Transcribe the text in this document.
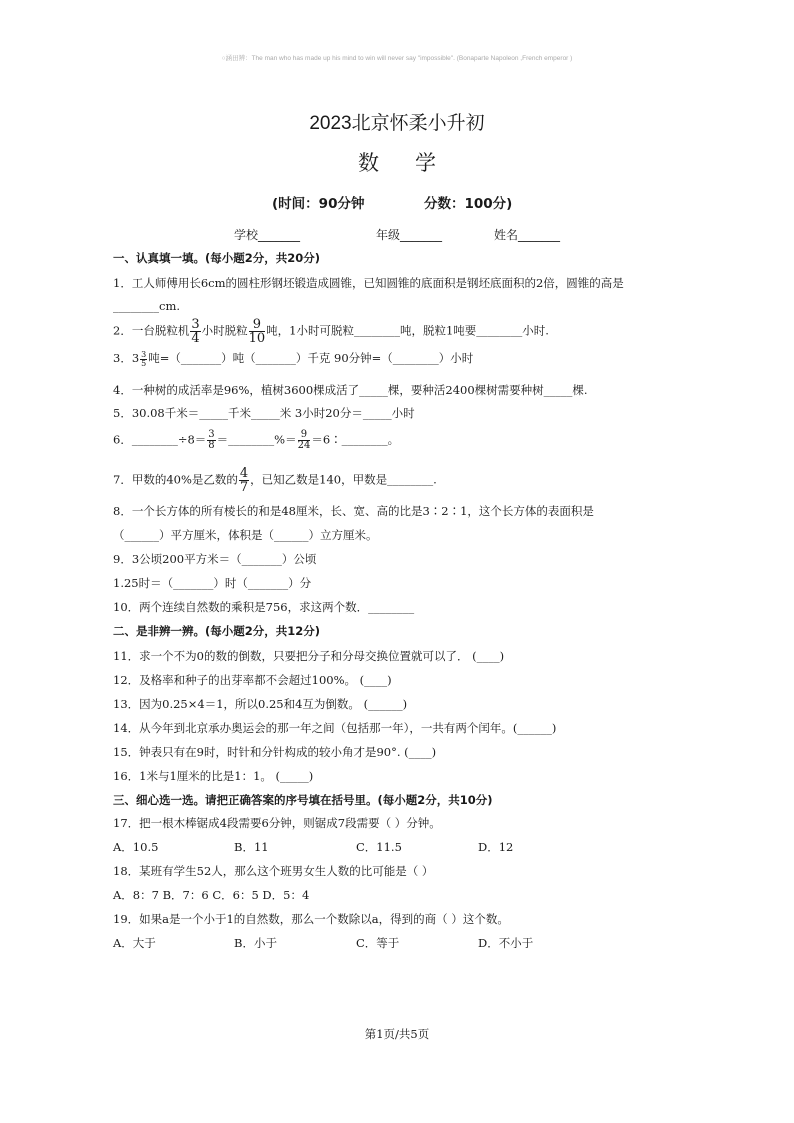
○涵田辨：The man who has made up his mind to win will never say "impossible". (Bonaparte Napoleon ,French emperor )
2023北京怀柔小升初
数学
(时间：90分钟	分数：100分)
学校_______	年级_______	姓名_______
一、认真填一填。(每小题2分，共20分)
1．工人师傅用长6cm的圆柱形钢坯锻造成圆锥，已知圆锥的底面积是钢坯底面积的2倍，圆锥的高是
________cm.
2．一台脱粒机 $\frac{3}{4}$ 小时脱粒 $\frac{9}{10}$ 吨，1小时可脱粒________吨，脱粒1吨要________小时.
3．$3 \frac{3}{5}$ 吨=（_______）吨（_______）千克 90分钟=（________）小时
4．一种树的成活率是96%，植树3600棵成活了_____棵，要种活2400棵树需要种树_____棵.
5．30.08千米＝_____千米_____米 3小时20分＝_____小时
6．________÷8＝ $\frac{3}{8}$ ＝________%＝ $\frac{9}{24}$ ＝6∶________。
7．甲数的40%是乙数的 $\frac{4}{7}$ ，已知乙数是140，甲数是________.
8．一个长方体的所有棱长的和是48厘米，长、宽、高的比是3∶2∶1，这个长方体的表面积是
（______）平方厘米，体积是（______）立方厘米。
9．3公顷200平方米＝（_______）公顷
1.25时＝（_______）时（_______）分
10．两个连续自然数的乘积是756，求这两个数．________
二、是非辨一辨。(每小题2分，共12分)
11．求一个不为0的数的倒数，只要把分子和分母交换位置就可以了． (____)
12．及格率和种子的出芽率都不会超过100%。 (____)
13．因为0.25×4＝1，所以0.25和4互为倒数。 (______)
14．从今年到北京承办奥运会的那一年之间（包括那一年），一共有两个闰年。(______)
15．钟表只有在9时，时针和分针构成的较小角才是90°. (____)
16．1米与1厘米的比是1：1。 (_____)
三、细心选一选。请把正确答案的序号填在括号里。(每小题2分，共10分)
17．把一根木棒锯成4段需要6分钟，则锯成7段需要（ ）分钟。
A．10.5	B．11	C．11.5	D．12
18．某班有学生52人，那么这个班男女生人数的比可能是（ ）
A．8：7 B．7：6 C．6：5 D．5：4
19．如果a是一个小于1的自然数，那么一个数除以a，得到的商（ ）这个数。
A．大于	B．小于	C．等于	D．不小于
第1页/共5页
